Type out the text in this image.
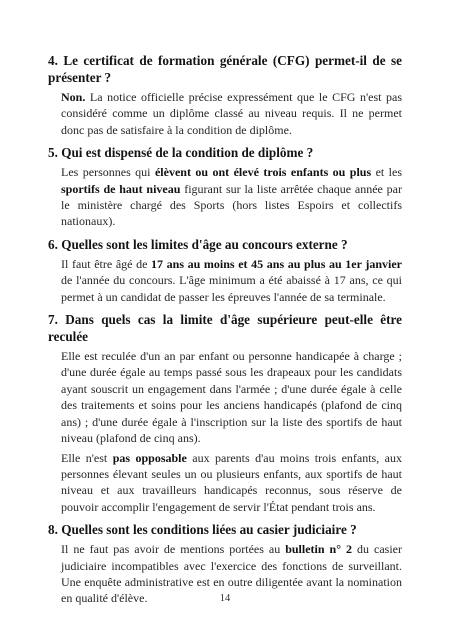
4. Le certificat de formation générale (CFG) permet-il de se présenter ?
Non. La notice officielle précise expressément que le CFG n'est pas considéré comme un diplôme classé au niveau requis. Il ne permet donc pas de satisfaire à la condition de diplôme.
5. Qui est dispensé de la condition de diplôme ?
Les personnes qui élèvent ou ont élevé trois enfants ou plus et les sportifs de haut niveau figurant sur la liste arrêtée chaque année par le ministère chargé des Sports (hors listes Espoirs et collectifs nationaux).
6. Quelles sont les limites d'âge au concours externe ?
Il faut être âgé de 17 ans au moins et 45 ans au plus au 1er janvier de l'année du concours. L'âge minimum a été abaissé à 17 ans, ce qui permet à un candidat de passer les épreuves l'année de sa terminale.
7. Dans quels cas la limite d'âge supérieure peut-elle être reculée
Elle est reculée d'un an par enfant ou personne handicapée à charge ; d'une durée égale au temps passé sous les drapeaux pour les candidats ayant souscrit un engagement dans l'armée ; d'une durée égale à celle des traitements et soins pour les anciens handicapés (plafond de cinq ans) ; d'une durée égale à l'inscription sur la liste des sportifs de haut niveau (plafond de cinq ans).
Elle n'est pas opposable aux parents d'au moins trois enfants, aux personnes élevant seules un ou plusieurs enfants, aux sportifs de haut niveau et aux travailleurs handicapés reconnus, sous réserve de pouvoir accomplir l'engagement de servir l'État pendant trois ans.
8. Quelles sont les conditions liées au casier judiciaire ?
Il ne faut pas avoir de mentions portées au bulletin n° 2 du casier judiciaire incompatibles avec l'exercice des fonctions de surveillant. Une enquête administrative est en outre diligentée avant la nomination en qualité d'élève.	14
